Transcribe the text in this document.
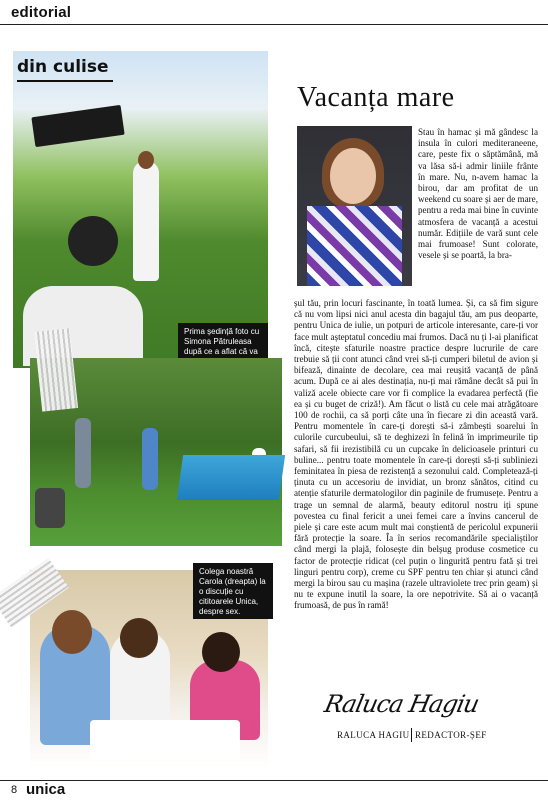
editorial
din culise
Prima ședință foto cu Simona Pătruleasa după ce a aflat că va
Colega noastră Carola (dreapta) la o discuție cu cititoarele Unica, despre sex.
Vacanța mare
Stau în hamac și mă gândesc la insula în culori mediteraneene, care, peste fix o săptămână, mă va lăsa să-i admir liniile frânte în mare. Nu, n-avem hamac la birou, dar am profitat de un weekend cu soare și aer de mare, pentru a reda mai bine în cuvinte atmosfera de vacanță a acestui număr. Edițiile de vară sunt cele mai frumoase! Sunt colorate, vesele și se poartă, la bra-
șul tău, prin locuri fascinante, în toată lumea. Și, ca să fim sigure că nu vom lipsi nici anul acesta din bagajul tău, am pus deoparte, pentru Unica de iulie, un potpuri de articole interesante, care-ți vor face mult așteptatul concediu mai frumos. Dacă nu ți l-ai planificat încă, citește sfaturile noastre practice despre lucrurile de care trebuie să ții cont atunci când vrei să-ți cumperi biletul de avion și bifează, dinainte de decolare, cea mai reușită vacanță de până acum. După ce ai ales destinația, nu-ți mai rămâne decât să pui în valiză acele obiecte care vor fi complice la evadarea perfectă (fie ea și cu buget de criză!). Am făcut o listă cu cele mai atrăgătoare 100 de rochii, ca să porți câte una în fiecare zi din această vară. Pentru momentele în care-ți dorești să-i zâmbești soarelui în culorile curcubeului, să te deghizezi în felină în imprimeurile tip safari, să fii irezistibilă cu un cupcake în delicioasele printuri cu buline... pentru toate momentele în care-ți dorești să-ți subliniezi feminitatea în piesa de rezistență a sezonului cald. Completează-ți ținuta cu un accesoriu de invidiat, un bronz sănătos, citind cu atenție sfaturile dermatologilor din paginile de frumusețe. Pentru a trage un semnal de alarmă, beauty editorul nostru iți spune povestea cu final fericit a unei femei care a învins cancerul de piele și care este acum mult mai conștientă de pericolul expunerii fără protecție la soare. Îa în serios recomandările specialiștilor când mergi la plajă, folosește din belșug produse cosmetice cu factor de protecție ridicat (cel puțin o lingurită pentru fată și trei linguri pentru corp), creme cu SPF pentru ten chiar și atunci când mergi la birou sau cu mașina (razele ultraviolete trec prin geam) și nu te expune inutil la soare, la ore nepotrivite. Să ai o vacanță frumoasă, de pus în ramă!
Raluca Hagiu
RALUCA HAGIU REDACTOR-ȘEF
8 unica
